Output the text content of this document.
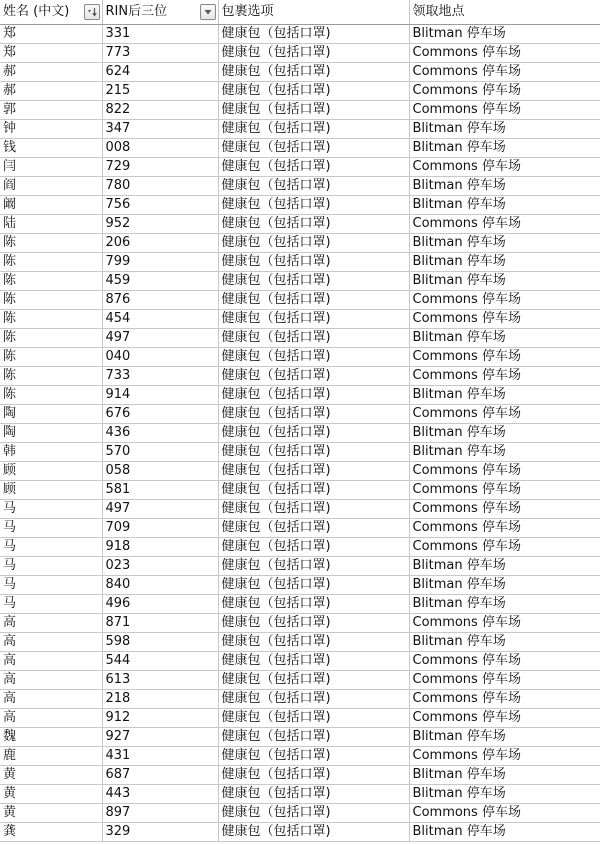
姓名 (中文)	RIN后三位	包裹选项	领取地点

郑	331	健康包（包括口罩)	Blitman 停车场
郑	773	健康包（包括口罩)	Commons 停车场
郝	624	健康包（包括口罩)	Commons 停车场
郝	215	健康包（包括口罩)	Commons 停车场
郭	822	健康包（包括口罩)	Commons 停车场
钟	347	健康包（包括口罩)	Blitman 停车场
钱	008	健康包（包括口罩)	Blitman 停车场
闫	729	健康包（包括口罩)	Commons 停车场
阎	780	健康包（包括口罩)	Blitman 停车场
阚	756	健康包（包括口罩)	Blitman 停车场
陆	952	健康包（包括口罩)	Commons 停车场
陈	206	健康包（包括口罩)	Blitman 停车场
陈	799	健康包（包括口罩)	Blitman 停车场
陈	459	健康包（包括口罩)	Blitman 停车场
陈	876	健康包（包括口罩)	Commons 停车场
陈	454	健康包（包括口罩)	Commons 停车场
陈	497	健康包（包括口罩)	Blitman 停车场
陈	040	健康包（包括口罩)	Commons 停车场
陈	733	健康包（包括口罩)	Commons 停车场
陈	914	健康包（包括口罩)	Blitman 停车场
陶	676	健康包（包括口罩)	Commons 停车场
陶	436	健康包（包括口罩)	Blitman 停车场
韩	570	健康包（包括口罩)	Blitman 停车场
顾	058	健康包（包括口罩)	Commons 停车场
顾	581	健康包（包括口罩)	Commons 停车场
马	497	健康包（包括口罩)	Commons 停车场
马	709	健康包（包括口罩)	Commons 停车场
马	918	健康包（包括口罩)	Commons 停车场
马	023	健康包（包括口罩)	Blitman 停车场
马	840	健康包（包括口罩)	Blitman 停车场
马	496	健康包（包括口罩)	Blitman 停车场
高	871	健康包（包括口罩)	Commons 停车场
高	598	健康包（包括口罩)	Blitman 停车场
高	544	健康包（包括口罩)	Commons 停车场
高	613	健康包（包括口罩)	Commons 停车场
高	218	健康包（包括口罩)	Commons 停车场
高	912	健康包（包括口罩)	Commons 停车场
魏	927	健康包（包括口罩)	Blitman 停车场
鹿	431	健康包（包括口罩)	Commons 停车场
黄	687	健康包（包括口罩)	Blitman 停车场
黄	443	健康包（包括口罩)	Blitman 停车场
黄	897	健康包（包括口罩)	Commons 停车场
龚	329	健康包（包括口罩)	Blitman 停车场
